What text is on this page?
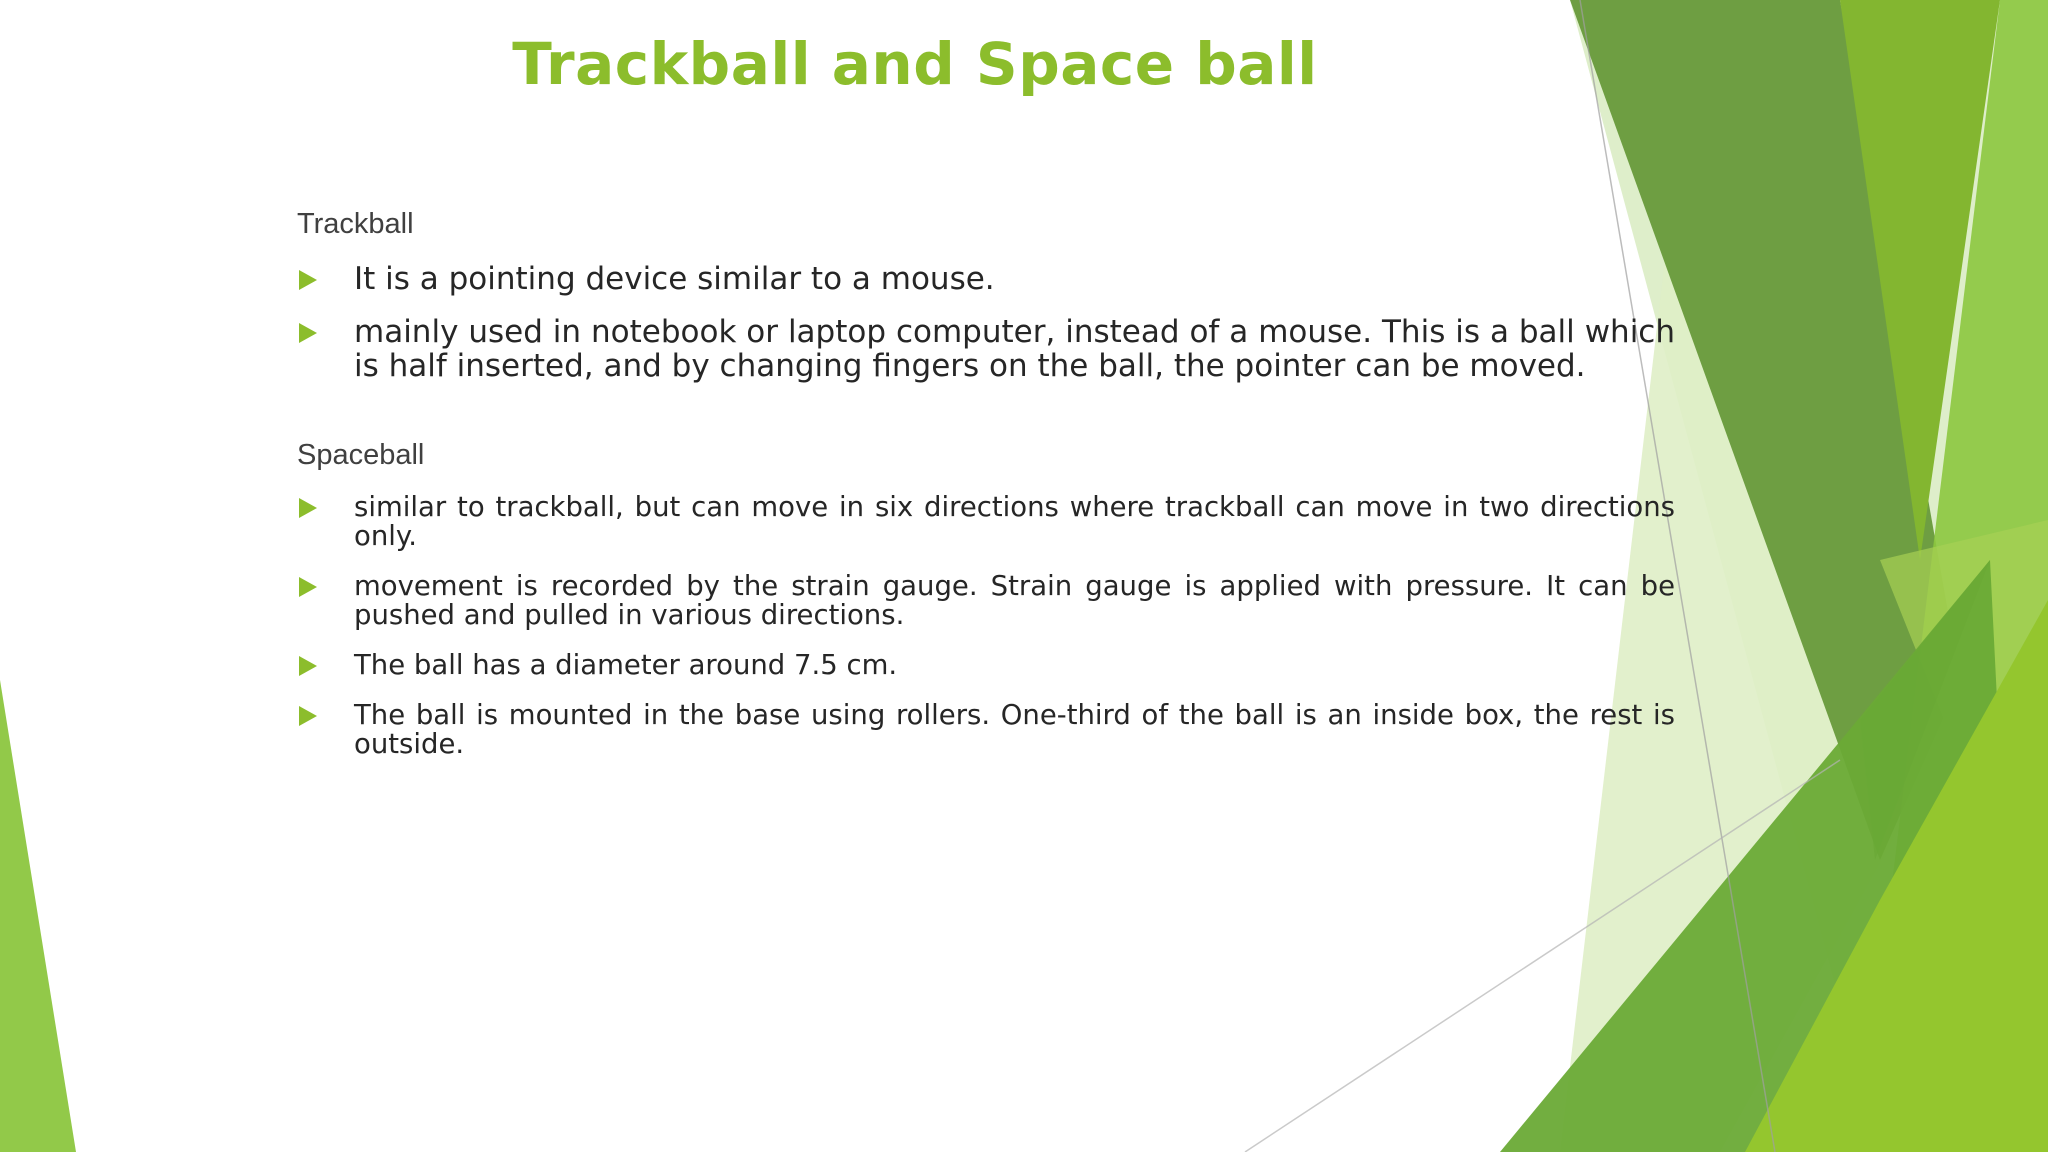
Trackball and Space ball
Trackball
It is a pointing device similar to a mouse.
mainly used in notebook or laptop computer, instead of a mouse. This is a ball which is half inserted, and by changing fingers on the ball, the pointer can be moved.
Spaceball
similar to trackball, but can move in six directions where trackball can move in two directions only.
movement is recorded by the strain gauge. Strain gauge is applied with pressure. It can be pushed and pulled in various directions.
The ball has a diameter around 7.5 cm.
The ball is mounted in the base using rollers. One-third of the ball is an inside box, the rest is outside.
